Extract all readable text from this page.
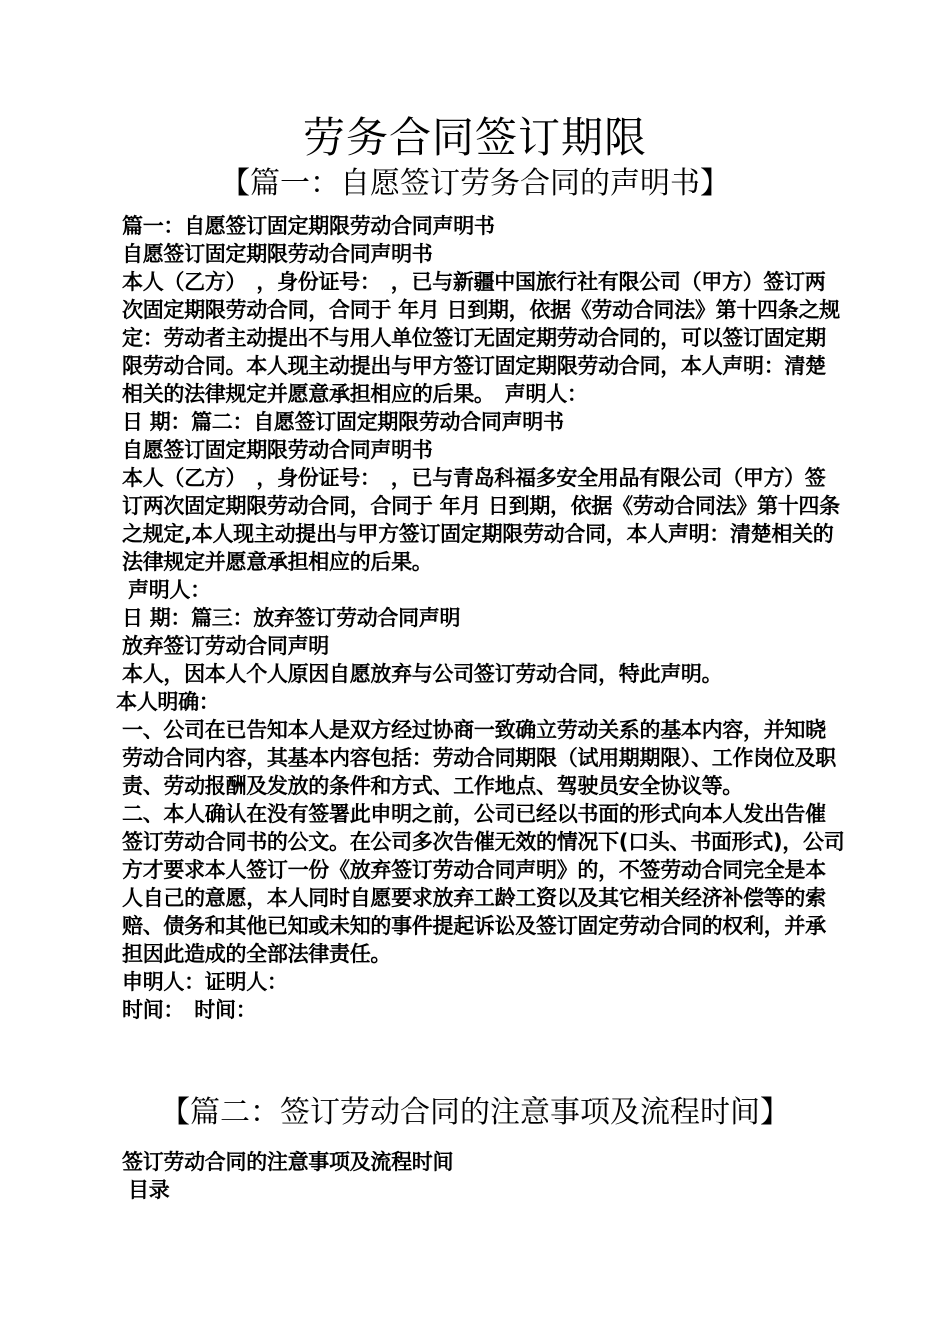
劳务合同签订期限
【篇一：自愿签订劳务合同的声明书】

篇一：自愿签订固定期限劳动合同声明书

自愿签订固定期限劳动合同声明书

本人（乙方）　，身份证号：　，已与新疆中国旅行社有限公司（甲方）签订两次固定期限劳动合同，合同于 年月 日到期，依据《劳动合同法》第十四条之规定：劳动者主动提出不与用人单位签订无固定期劳动合同的，可以签订固定期限劳动合同。本人现主动提出与甲方签订固定期限劳动合同，本人声明：清楚相关的法律规定并愿意承担相应的后果。　声明人：

日 期：篇二：自愿签订固定期限劳动合同声明书

自愿签订固定期限劳动合同声明书

本人（乙方）　，身份证号：　，已与青岛科福多安全用品有限公司（甲方）签订两次固定期限劳动合同，合同于 年月 日到期，依据《劳动合同法》第十四条之规定,本人现主动提出与甲方签订固定期限劳动合同，本人声明：清楚相关的法律规定并愿意承担相应的后果。

声明人：

日 期：篇三：放弃签订劳动合同声明

放弃签订劳动合同声明

本人，因本人个人原因自愿放弃与公司签订劳动合同，特此声明。

本人明确：

一、公司在已告知本人是双方经过协商一致确立劳动关系的基本内容，并知晓劳动合同内容，其基本内容包括：劳动合同期限（试用期期限）、工作岗位及职责、劳动报酬及发放的条件和方式、工作地点、驾驶员安全协议等。

二、本人确认在没有签署此申明之前，公司已经以书面的形式向本人发出告催签订劳动合同书的公文。在公司多次告催无效的情况下(口头、书面形式)，公司方才要求本人签订一份《放弃签订劳动合同声明》的，不签劳动合同完全是本人自己的意愿，本人同时自愿要求放弃工龄工资以及其它相关经济补偿等的索赔、债务和其他已知或未知的事件提起诉讼及签订固定劳动合同的权利，并承担因此造成的全部法律责任。

申明人：证明人：

时间：　时间：

【篇二：签订劳动合同的注意事项及流程时间】

签订劳动合同的注意事项及流程时间

目录
